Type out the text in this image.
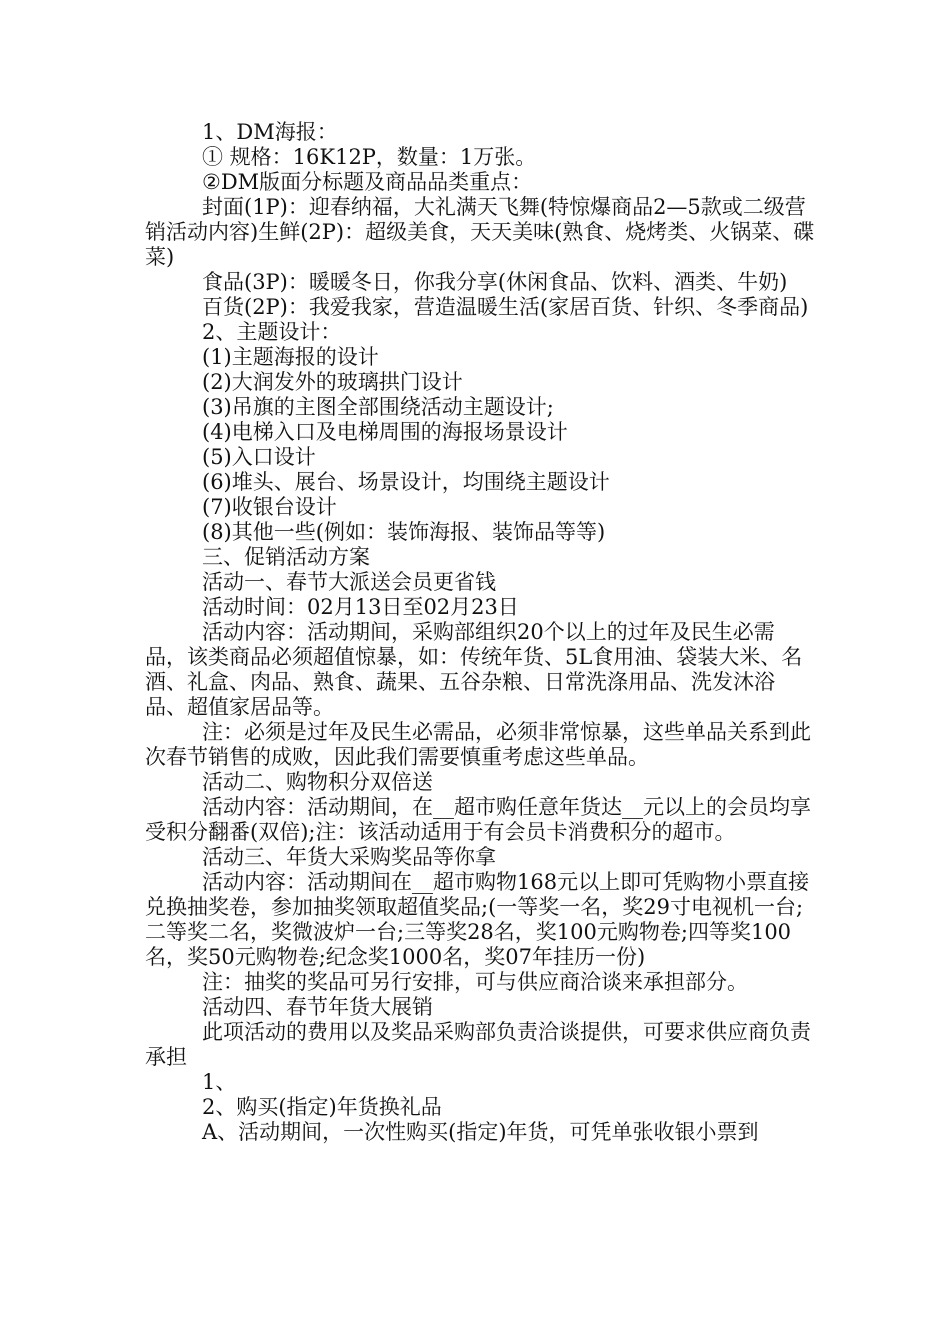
1、DM海报：
① 规格：16K12P，数量：1万张。
②DM版面分标题及商品品类重点：

封面(1P)：迎春纳福，大礼满天飞舞(特惊爆商品2—5款或二级营销活动内容)生鲜(2P)：超级美食，天天美味(熟食、烧烤类、火锅菜、碟菜)

食品(3P)：暖暖冬日，你我分享(休闲食品、饮料、酒类、牛奶)

百货(2P)：我爱我家，营造温暖生活(家居百货、针织、冬季商品)

2、主题设计：
(1)主题海报的设计
(2)大润发外的玻璃拱门设计
(3)吊旗的主图全部围绕活动主题设计;
(4)电梯入口及电梯周围的海报场景设计
(5)入口设计
(6)堆头、展台、场景设计，均围绕主题设计
(7)收银台设计
(8)其他一些(例如：装饰海报、装饰品等等)
三、促销活动方案
活动一、春节大派送会员更省钱
活动时间：02月13日至02月23日

活动内容：活动期间，采购部组织20个以上的过年及民生必需品，该类商品必须超值惊暴，如：传统年货、5L食用油、袋装大米、名酒、礼盒、肉品、熟食、蔬果、五谷杂粮、日常洗涤用品、洗发沐浴品、超值家居品等。

注：必须是过年及民生必需品，必须非常惊暴，这些单品关系到此次春节销售的成败，因此我们需要慎重考虑这些单品。

活动二、购物积分双倍送

活动内容：活动期间，在__超市购任意年货达__元以上的会员均享受积分翻番(双倍);注：该活动适用于有会员卡消费积分的超市。

活动三、年货大采购奖品等你拿

活动内容：活动期间在__超市购物168元以上即可凭购物小票直接兑换抽奖卷，参加抽奖领取超值奖品;(一等奖一名，奖29寸电视机一台;二等奖二名，奖微波炉一台;三等奖28名，奖100元购物卷;四等奖100名，奖50元购物卷;纪念奖1000名，奖07年挂历一份)

注：抽奖的奖品可另行安排，可与供应商洽谈来承担部分。
活动四、春节年货大展销

此项活动的费用以及奖品采购部负责洽谈提供，可要求供应商负责承担

1、
2、购买(指定)年货换礼品

A、活动期间，一次性购买(指定)年货，可凭单张收银小票到
